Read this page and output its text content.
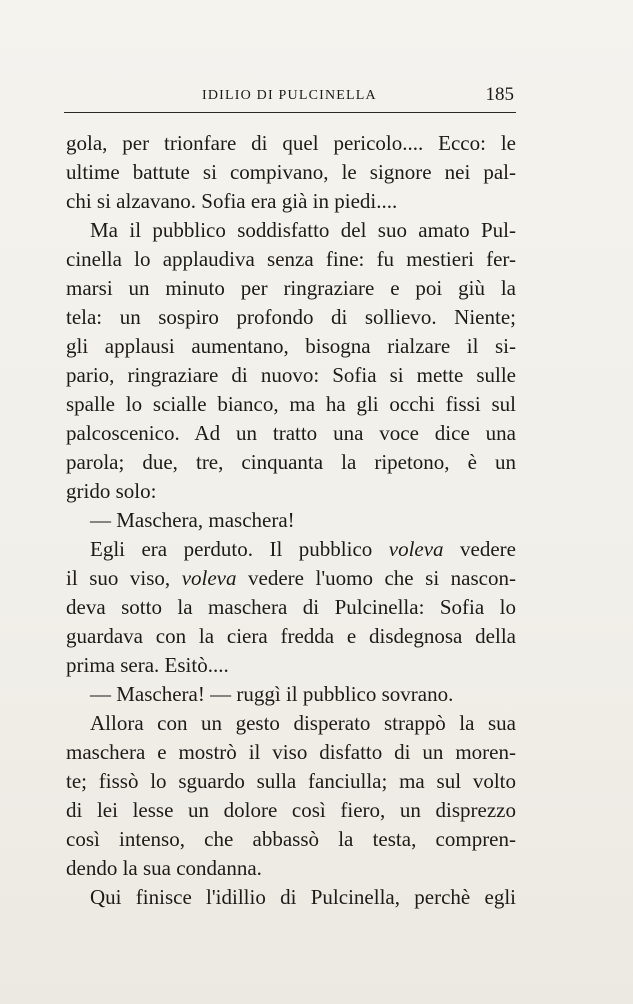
IDILIO DI PULCINELLA	185
gola, per trionfare di quel pericolo.... Ecco: le
ultime battute si compivano, le signore nei pal-
chi si alzavano. Sofia era già in piedi....
Ma il pubblico soddisfatto del suo amato Pul-
cinella lo applaudiva senza fine: fu mestieri fer-
marsi un minuto per ringraziare e poi giù la
tela: un sospiro profondo di sollievo. Niente;
gli applausi aumentano, bisogna rialzare il si-
pario, ringraziare di nuovo: Sofia si mette sulle
spalle lo scialle bianco, ma ha gli occhi fissi sul
palcoscenico. Ad un tratto una voce dice una
parola; due, tre, cinquanta la ripetono, è un
grido solo:
— Maschera, maschera!
Egli era perduto. Il pubblico voleva vedere
il suo viso, voleva vedere l'uomo che si nascon-
deva sotto la maschera di Pulcinella: Sofia lo
guardava con la ciera fredda e disdegnosa della
prima sera. Esitò....
— Maschera! — ruggì il pubblico sovrano.
Allora con un gesto disperato strappò la sua
maschera e mostrò il viso disfatto di un moren-
te; fissò lo sguardo sulla fanciulla; ma sul volto
di lei lesse un dolore così fiero, un disprezzo
così intenso, che abbassò la testa, compren-
dendo la sua condanna.
Qui finisce l'idillio di Pulcinella, perchè egli
